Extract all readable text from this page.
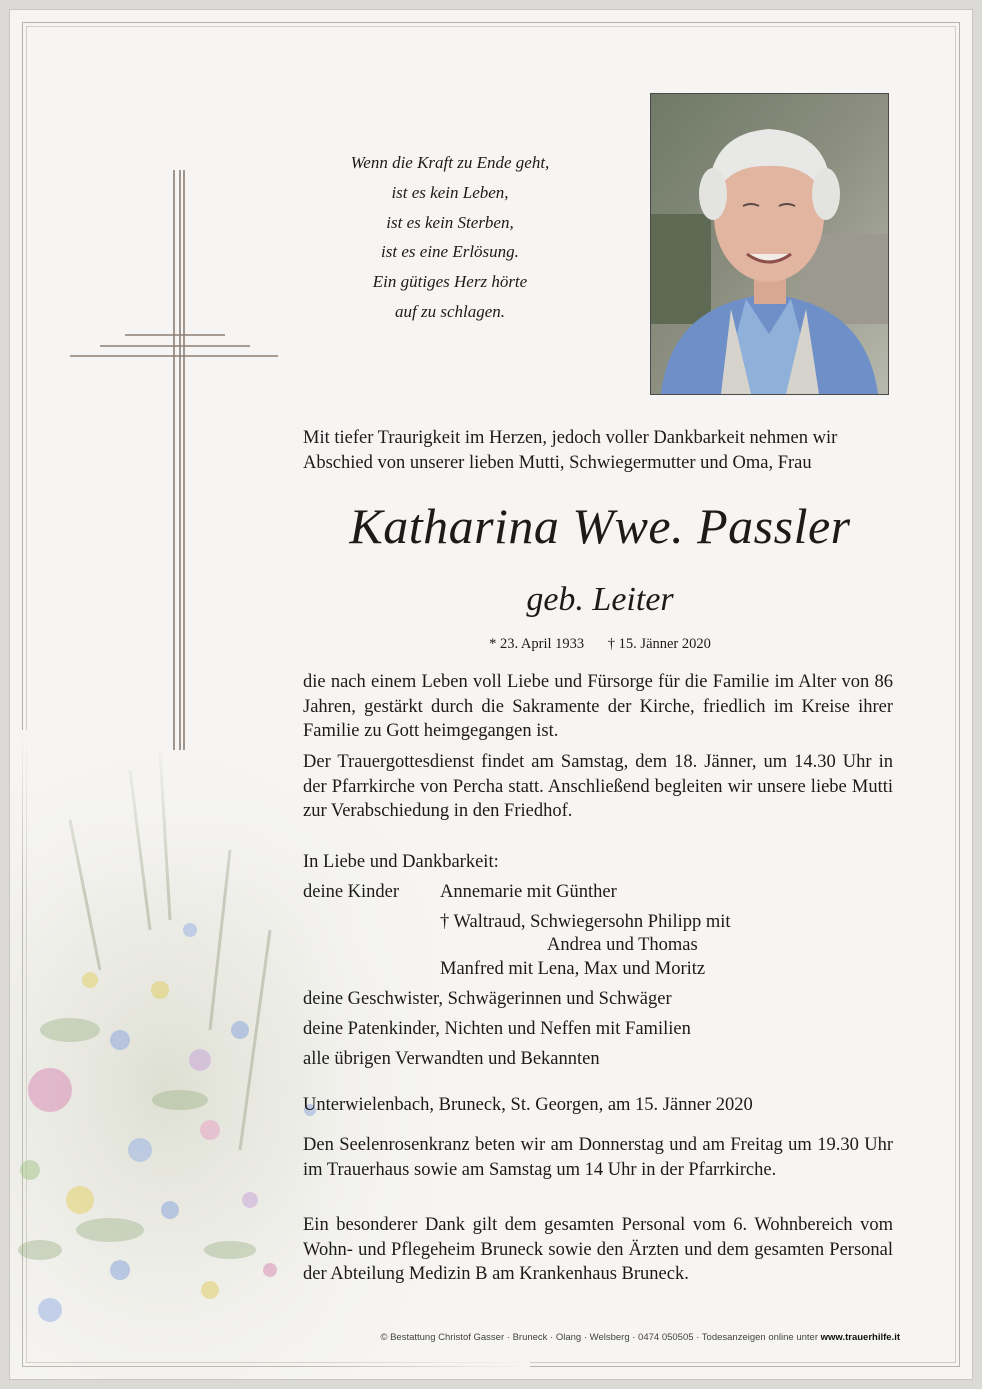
Wenn die Kraft zu Ende geht,
ist es kein Leben,
ist es kein Sterben,
ist es eine Erlösung.
Ein gütiges Herz hörte
auf zu schlagen.
Mit tiefer Traurigkeit im Herzen, jedoch voller Dankbarkeit nehmen wir
Abschied von unserer lieben Mutti, Schwiegermutter und Oma, Frau
Katharina Wwe. Passler
geb. Leiter
* 23. April 1933 † 15. Jänner 2020
die nach einem Leben voll Liebe und Fürsorge für die Familie im Alter von 86 Jahren, gestärkt durch die Sakramente der Kirche, friedlich im Kreise ihrer Familie zu Gott heimgegangen ist.
Der Trauergottesdienst findet am Samstag, dem 18. Jänner, um 14.30 Uhr in der Pfarrkirche von Percha statt. Anschließend begleiten wir unsere liebe Mutti zur Verabschiedung in den Friedhof.
In Liebe und Dankbarkeit:
deine Kinder Annemarie mit Günther
† Waltraud, Schwiegersohn Philipp mit
Andrea und Thomas
Manfred mit Lena, Max und Moritz
deine Geschwister, Schwägerinnen und Schwäger
deine Patenkinder, Nichten und Neffen mit Familien
alle übrigen Verwandten und Bekannten
Unterwielenbach, Bruneck, St. Georgen, am 15. Jänner 2020
Den Seelenrosenkranz beten wir am Donnerstag und am Freitag um 19.30 Uhr im Trauerhaus sowie am Samstag um 14 Uhr in der Pfarrkirche.
Ein besonderer Dank gilt dem gesamten Personal vom 6. Wohnbereich vom Wohn- und Pflegeheim Bruneck sowie den Ärzten und dem gesamten Personal der Abteilung Medizin B am Krankenhaus Bruneck.
© Bestattung Christof Gasser · Bruneck · Olang · Welsberg · 0474 050505 · Todesanzeigen online unter www.trauerhilfe.it
